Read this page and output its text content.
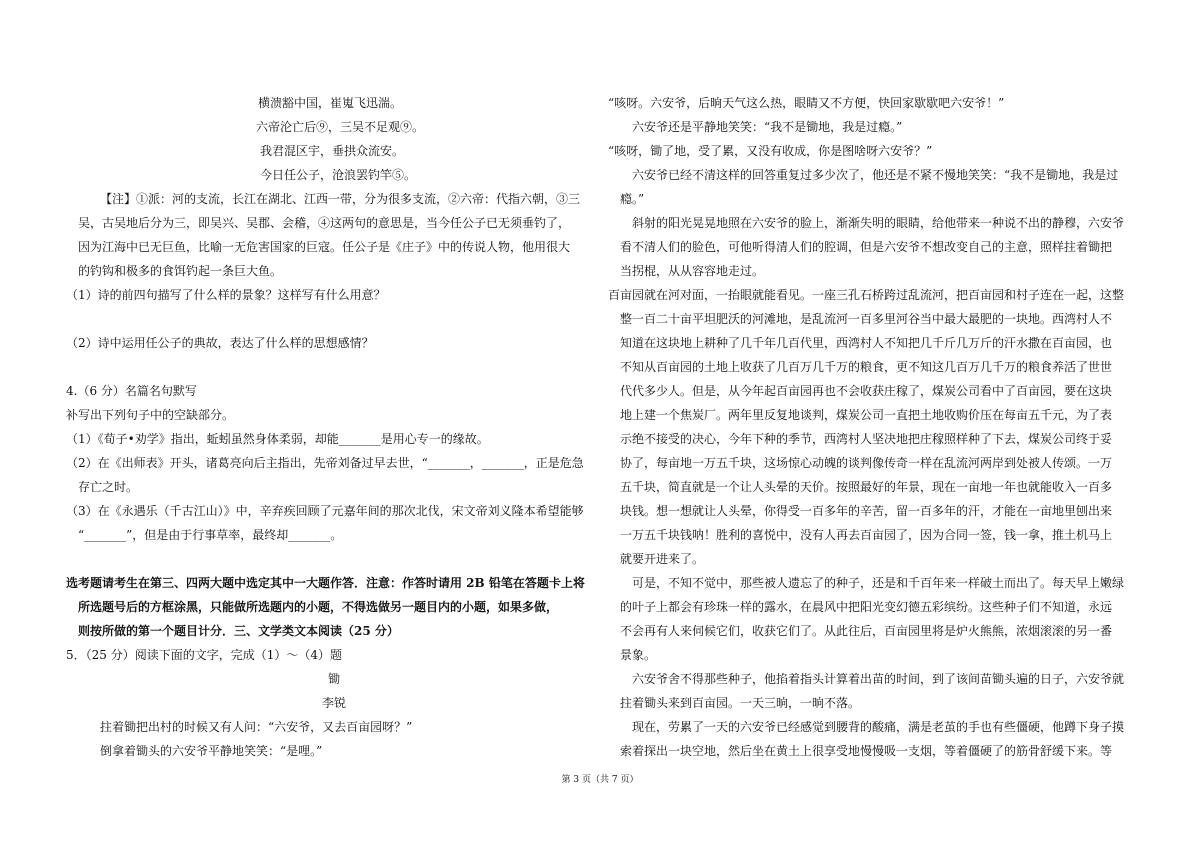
横溃豁中国，崔嵬飞迅湍。
六帝沦亡后⑨，三吴不足观⑨。
我君混区宇，垂拱众流安。
今日任公子，沧浪罢钓竿⑤。
【注】①派：河的支流，长江在湖北、江西一带，分为很多支流，②六帝：代指六朝，③三
吴，古吴地后分为三，即吴兴、吴郡、会稽，④这两句的意思是，当今任公子已无须垂钓了，
因为江海中已无巨鱼，比喻一无危害国家的巨寇。任公子是《庄子》中的传说人物，他用很大
的钓钩和极多的食饵钓起一条巨大鱼。
（1）诗的前四句描写了什么样的景象？这样写有什么用意？
（2）诗中运用任公子的典故，表达了什么样的思想感情？
4.（6 分）名篇名句默写
补写出下列句子中的空缺部分。
（1）《荀子•劝学》指出，蚯蚓虽然身体柔弱，却能_______是用心专一的缘故。
（2）在《出师表》开头，诸葛亮向后主指出，先帝刘备过早去世，“_______，_______，正是危急
存亡之时。
（3）在《永遇乐（千古江山）》中，辛弃疾回顾了元嘉年间的那次北伐，宋文帝刘义隆本希望能够
“_______”，但是由于行事草率，最终却_______。
选考题请考生在第三、四两大题中选定其中一大题作答．注意：作答时请用 2B 铅笔在答题卡上将
所选题号后的方框涂黑，只能做所选题内的小题，不得选做另一题目内的小题，如果多做，
则按所做的第一个题目计分．三、文学类文本阅读（25 分）
5．（25 分）阅读下面的文字，完成（1）～（4）题
锄
李锐
拄着锄把出村的时候又有人问：“六安爷，又去百亩园呀？”
倒拿着锄头的六安爷平静地笑笑：“是哩。”
“咳呀。六安爷，后晌天气这么热，眼睛又不方便，快回家歇歇吧六安爷！”
六安爷还是平静地笑笑：“我不是锄地，我是过瘾。”
“咳呀，锄了地，受了累，又没有收成，你是图啥呀六安爷？”
六安爷已经不清这样的回答重复过多少次了，他还是不紧不慢地笑笑：“我不是锄地，我是过
瘾。”
斜射的阳光晃晃地照在六安爷的脸上，渐渐失明的眼睛，给他带来一种说不出的静穆，六安爷
看不清人们的脸色，可他听得清人们的腔调，但是六安爷不想改变自己的主意，照样拄着锄把
当拐棍，从从容容地走过。
百亩园就在河对面，一抬眼就能看见。一座三孔石桥跨过乱流河，把百亩园和村子连在一起，这整
整一百二十亩平坦肥沃的河滩地，是乱流河一百多里河谷当中最大最肥的一块地。西湾村人不
知道在这块地上耕种了几千年几百代里，西湾村人不知把几千斤几万斤的汗水撒在百亩园，也
不知从百亩园的土地上收获了几百万几千万的粮食，更不知这几百万几千万的粮食养活了世世
代代多少人。但是，从今年起百亩园再也不会收获庄稼了，煤炭公司看中了百亩园，要在这块
地上建一个焦炭厂。两年里反复地谈判，煤炭公司一直把土地收购价压在每亩五千元，为了表
示绝不接受的决心，今年下种的季节，西湾村人坚决地把庄稼照样种了下去，煤炭公司终于妥
协了，每亩地一万五千块，这场惊心动魄的谈判像传奇一样在乱流河两岸到处被人传颂。一万
五千块，简直就是一个让人头晕的天价。按照最好的年景，现在一亩地一年也就能收入一百多
块钱。想一想就让人头晕，你得受一百多年的辛苦，留一百多年的汗，才能在一亩地里刨出来
一万五千块钱呐！胜利的喜悦中，没有人再去百亩园了，因为合同一签，钱一拿，推土机马上
就要开进来了。
可是，不知不觉中，那些被人遗忘了的种子，还是和千百年来一样破土而出了。每天早上嫩绿
的叶子上都会有珍珠一样的露水，在晨风中把阳光变幻德五彩缤纷。这些种子们不知道，永远
不会再有人来伺候它们，收获它们了。从此往后，百亩园里将是炉火熊熊，浓烟滚滚的另一番
景象。
六安爷舍不得那些种子，他掐着指头计算着出苗的时间，到了该间苗锄头遍的日子，六安爷就
拄着锄头来到百亩园。一天三晌，一晌不落。
现在，劳累了一天的六安爷已经感觉到腰背的酸痛，满是老茧的手也有些僵硬，他蹲下身子摸
索着探出一块空地，然后坐在黄土上很享受地慢慢吸一支烟，等着僵硬了的筋骨舒缓下来。等
第 3 页（共 7 页）
